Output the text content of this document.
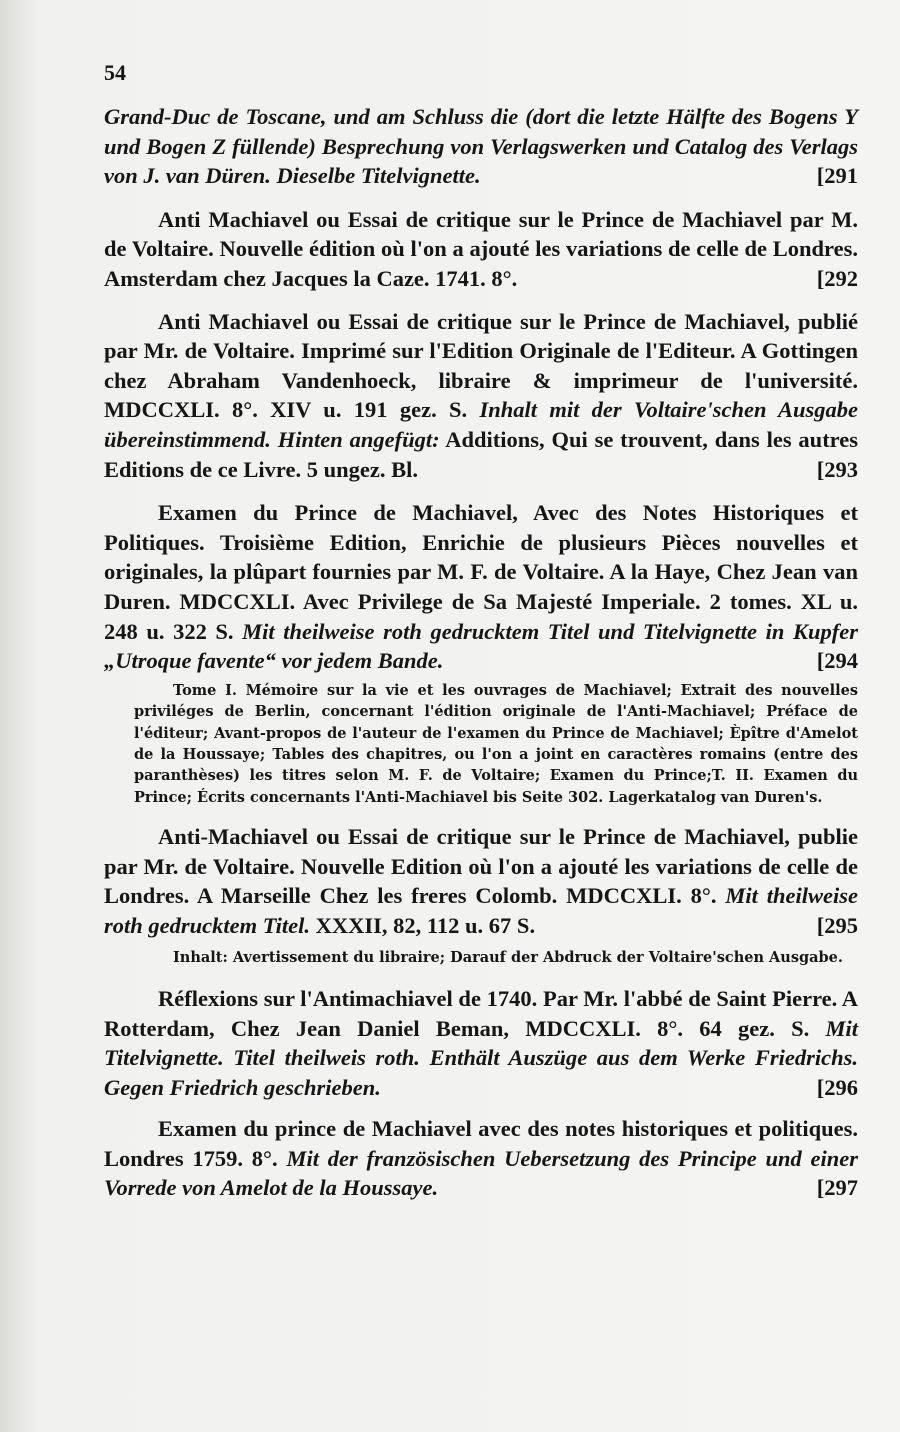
54

Grand-Duc de Toscane, und am Schluss die (dort die letzte Hälfte des Bogens Y und Bogen Z füllende) Besprechung von Verlagswerken und Catalog des Verlags von J. van Düren. Dieselbe Titelvignette.	[291

Anti Machiavel ou Essai de critique sur le Prince de Machiavel par M. de Voltaire. Nouvelle édition où l'on a ajouté les variations de celle de Londres. Amsterdam chez Jacques la Caze. 1741. 8°.	[292

Anti Machiavel ou Essai de critique sur le Prince de Machiavel, publié par Mr. de Voltaire. Imprimé sur l'Edition Originale de l'Editeur. A Gottingen chez Abraham Vandenhoeck, libraire & imprimeur de l'université. MDCCXLI. 8°. XIV u. 191 gez. S. Inhalt mit der Voltaire'schen Ausgabe übereinstimmend. Hinten angefügt: Additions, Qui se trouvent, dans les autres Editions de ce Livre. 5 ungez. Bl.	[293

Examen du Prince de Machiavel, Avec des Notes Historiques et Politiques. Troisième Edition, Enrichie de plusieurs Pièces nouvelles et originales, la plûpart fournies par M. F. de Voltaire. A la Haye, Chez Jean van Duren. MDCCXLI. Avec Privilege de Sa Majesté Imperiale. 2 tomes. XL u. 248 u. 322 S. Mit theilweise roth gedrucktem Titel und Titelvignette in Kupfer „Utroque favente“ vor jedem Bande.	[294

Tome I. Mémoire sur la vie et les ouvrages de Machiavel; Extrait des nouvelles priviléges de Berlin, concernant l'édition originale de l'Anti-Machiavel; Préface de l'éditeur; Avant-propos de l'auteur de l'examen du Prince de Machiavel; Èpître d'Amelot de la Houssaye; Tables des chapitres, ou l'on a joint en caractères romains (entre des paranthèses) les titres selon M. F. de Voltaire; Examen du Prince;T. II. Examen du Prince; Écrits concernants l'Anti-Machiavel bis Seite 302. Lagerkatalog van Duren's.

Anti-Machiavel ou Essai de critique sur le Prince de Machiavel, publie par Mr. de Voltaire. Nouvelle Edition où l'on a ajouté les variations de celle de Londres. A Marseille Chez les freres Colomb. MDCCXLI. 8°. Mit theilweise roth gedrucktem Titel. XXXII, 82, 112 u. 67 S.	[295

Inhalt: Avertissement du libraire; Darauf der Abdruck der Voltaire'schen Ausgabe.

Réflexions sur l'Antimachiavel de 1740. Par Mr. l'abbé de Saint Pierre. A Rotterdam, Chez Jean Daniel Beman, MDCCXLI. 8°. 64 gez. S. Mit Titelvignette. Titel theilweis roth. Enthält Auszüge aus dem Werke Friedrichs. Gegen Friedrich geschrieben.	[296

Examen du prince de Machiavel avec des notes historiques et politiques. Londres 1759. 8°. Mit der französischen Uebersetzung des Principe und einer Vorrede von Amelot de la Houssaye.	[297
